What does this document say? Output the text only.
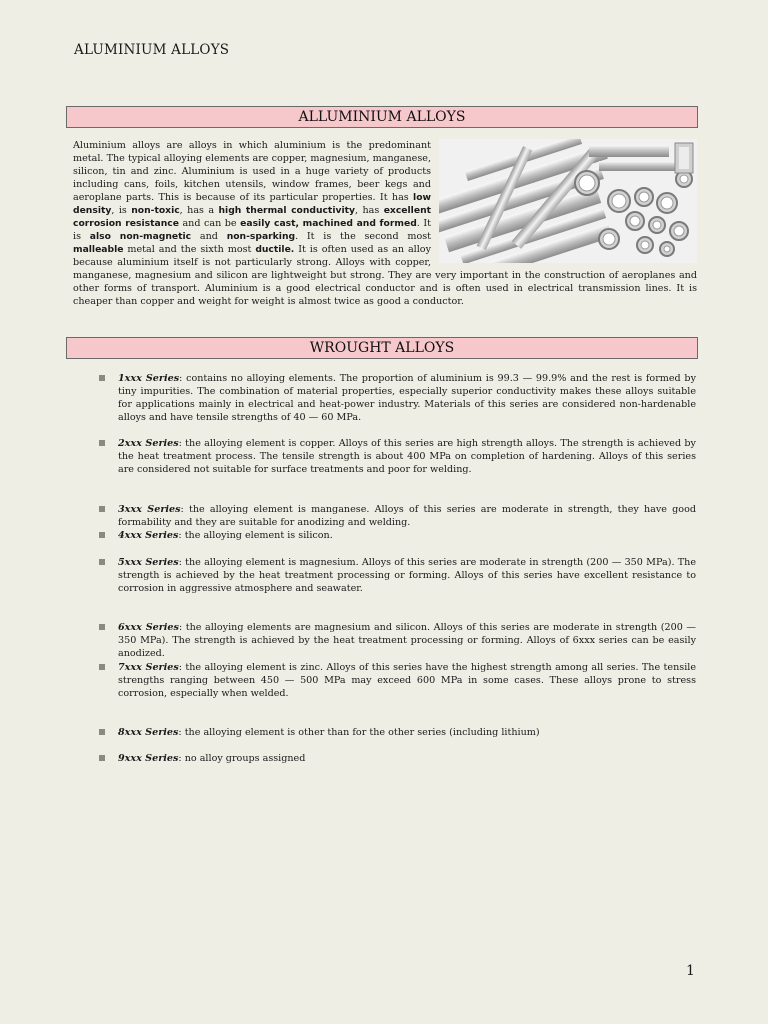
ALUMINIUM ALLOYS
ALLUMINIUM ALLOYS
Aluminium alloys are alloys in which aluminium is the predominant metal. The typical alloying elements are copper, magnesium, manganese, silicon, tin and zinc. Aluminium is used in a huge variety of products including cans, foils, kitchen utensils, window frames, beer kegs and aeroplane parts. This is because of its particular properties. It has low density, is non-toxic, has a high thermal conductivity, has excellent corrosion resistance and can be easily cast, machined and formed. It is also non-magnetic and non-sparking. It is the second most malleable metal and the sixth most ductile. It is often used as an alloy because aluminium itself is not particularly strong. Alloys with copper, manganese, magnesium and silicon are lightweight but strong. They are very important in the construction of aeroplanes and other forms of transport. Aluminium is a good electrical conductor and is often used in electrical transmission lines. It is cheaper than copper and weight for weight is almost twice as good a conductor.
WROUGHT ALLOYS
1xxx Series: contains no alloying elements. The proportion of aluminium is 99.3 — 99.9% and the rest is formed by tiny impurities. The combination of material properties, especially superior conductivity makes these alloys suitable for applications mainly in electrical and heat-power industry. Materials of this series are considered non-hardenable alloys and have tensile strengths of 40 — 60 MPa.
2xxx Series: the alloying element is copper. Alloys of this series are high strength alloys. The strength is achieved by the heat treatment process. The tensile strength is about 400 MPa on completion of hardening. Alloys of this series are considered not suitable for surface treatments and poor for welding.
3xxx Series: the alloying element is manganese. Alloys of this series are moderate in strength, they have good formability and they are suitable for anodizing and welding.
4xxx Series: the alloying element is silicon.
5xxx Series: the alloying element is magnesium. Alloys of this series are moderate in strength (200 — 350 MPa). The strength is achieved by the heat treatment processing or forming. Alloys of this series have excellent resistance to corrosion in aggressive atmosphere and seawater.
6xxx Series: the alloying elements are magnesium and silicon. Alloys of this series are moderate in strength (200 — 350 MPa). The strength is achieved by the heat treatment processing or forming. Alloys of 6xxx series can be easily anodized.
7xxx Series: the alloying element is zinc. Alloys of this series have the highest strength among all series. The tensile strengths ranging between 450 — 500 MPa may exceed 600 MPa in some cases. These alloys prone to stress corrosion, especially when welded.
8xxx Series: the alloying element is other than for the other series (including lithium)
9xxx Series: no alloy groups assigned
1
